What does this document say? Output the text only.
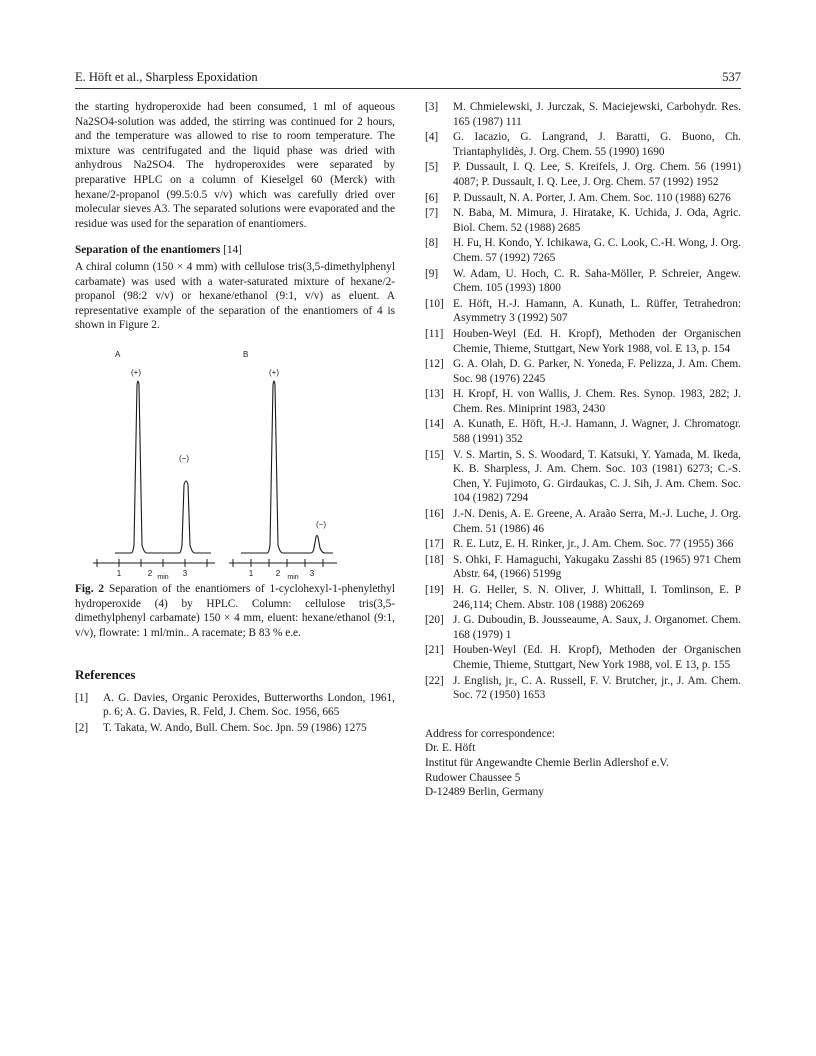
E. Höft et al., Sharpless Epoxidation	537

the starting hydroperoxide had been consumed, 1 ml of aqueous Na2SO4-solution was added, the stirring was continued for 2 hours, and the temperature was allowed to rise to room temperature. The mixture was centrifugated and the liquid phase was dried with anhydrous Na2SO4. The hydroperoxides were separated by preparative HPLC on a column of Kieselgel 60 (Merck) with hexane/2-propanol (99.5:0.5 v/v) which was carefully dried over molecular sieves A3. The separated solutions were evaporated and the residue was used for the separation of enantiomers.

Separation of the enantiomers [14]

A chiral column (150 × 4 mm) with cellulose tris(3,5-dimethylphenyl carbamate) was used with a water-saturated mixture of hexane/2-propanol (98:2 v/v) or hexane/ethanol (9:1, v/v) as eluent. A representative example of the separation of the enantiomers of 4 is shown in Figure 2.

A	B
(+)
(−)
(+)
(−)
1	2	3
min	1	2	3
min

Fig. 2 Separation of the enantiomers of 1-cyclohexyl-1-phenylethyl hydroperoxide (4) by HPLC. Column: cellulose tris(3,5-dimethylphenyl carbamate) 150 × 4 mm, eluent: hexane/ethanol (9:1, v/v), flowrate: 1 ml/min.. A racemate; B 83 % e.e.

References
[1] A. G. Davies, Organic Peroxides, Butterworths London, 1961, p. 6; A. G. Davies, R. Feld, J. Chem. Soc. 1956, 665
[2] T. Takata, W. Ando, Bull. Chem. Soc. Jpn. 59 (1986) 1275
[3] M. Chmielewski, J. Jurczak, S. Maciejewski, Carbohydr. Res. 165 (1987) 111
[4] G. Iacazio, G. Langrand, J. Baratti, G. Buono, Ch. Triantaphylidès, J. Org. Chem. 55 (1990) 1690
[5] P. Dussault, I. Q. Lee, S. Kreifels, J. Org. Chem. 56 (1991) 4087; P. Dussault, I. Q. Lee, J. Org. Chem. 57 (1992) 1952
[6] P. Dussault, N. A. Porter, J. Am. Chem. Soc. 110 (1988) 6276
[7] N. Baba, M. Mimura, J. Hiratake, K. Uchida, J. Oda, Agric. Biol. Chem. 52 (1988) 2685
[8] H. Fu, H. Kondo, Y. Ichikawa, G. C. Look, C.-H. Wong, J. Org. Chem. 57 (1992) 7265
[9] W. Adam, U. Hoch, C. R. Saha-Möller, P. Schreier, Angew. Chem. 105 (1993) 1800
[10] E. Höft, H.-J. Hamann, A. Kunath, L. Rüffer, Tetrahedron: Asymmetry 3 (1992) 507
[11] Houben-Weyl (Ed. H. Kropf), Methoden der Organischen Chemie, Thieme, Stuttgart, New York 1988, vol. E 13, p. 154
[12] G. A. Olah, D. G. Parker, N. Yoneda, F. Pelizza, J. Am. Chem. Soc. 98 (1976) 2245
[13] H. Kropf, H. von Wallis, J. Chem. Res. Synop. 1983, 282; J. Chem. Res. Miniprint 1983, 2430
[14] A. Kunath, E. Höft, H.-J. Hamann, J. Wagner, J. Chromatogr. 588 (1991) 352
[15] V. S. Martin, S. S. Woodard, T. Katsuki, Y. Yamada, M. Ikeda, K. B. Sharpless, J. Am. Chem. Soc. 103 (1981) 6273; C.-S. Chen, Y. Fujimoto, G. Girdaukas, C. J. Sih, J. Am. Chem. Soc. 104 (1982) 7294
[16] J.-N. Denis, A. E. Greene, A. Araão Serra, M.-J. Luche, J. Org. Chem. 51 (1986) 46
[17] R. E. Lutz, E. H. Rinker, jr., J. Am. Chem. Soc. 77 (1955) 366
[18] S. Ohki, F. Hamaguchi, Yakugaku Zasshi 85 (1965) 971 Chem Abstr. 64, (1966) 5199g
[19] H. G. Heller, S. N. Oliver, J. Whittall, I. Tomlinson, E. P 246,114; Chem. Abstr. 108 (1988) 206269
[20] J. G. Duboudin, B. Jousseaume, A. Saux, J. Organomet. Chem. 168 (1979) 1
[21] Houben-Weyl (Ed. H. Kropf), Methoden der Organischen Chemie, Thieme, Stuttgart, New York 1988, vol. E 13, p. 155
[22] J. English, jr., C. A. Russell, F. V. Brutcher, jr., J. Am. Chem. Soc. 72 (1950) 1653
Address for correspondence:
Dr. E. Höft
Institut für Angewandte Chemie Berlin Adlershof e.V.
Rudower Chaussee 5
D-12489 Berlin, Germany
